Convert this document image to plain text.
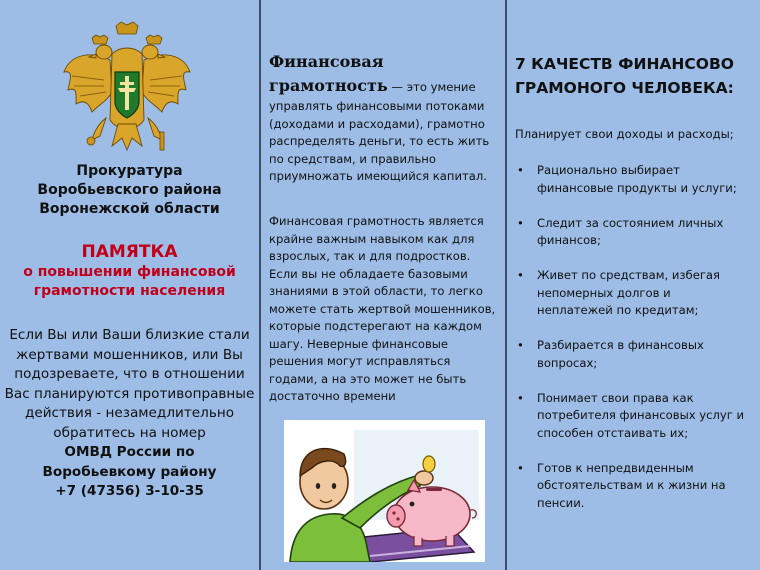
Прокуратура
Воробьевского района
Воронежской области
ПАМЯТКА
о повышении финансовой
грамотности населения
Если Вы или Ваши близкие стали
жертвами мошенников, или Вы
подозреваете, что в отношении
Вас планируются противоправные
действия - незамедлительно
обратитесь на номер
ОМВД России по
Воробьевкому району
+7 (47356) 3-10-35
Финансовая
грамотность — это умение
управлять финансовыми потоками
(доходами и расходами), грамотно
распределять деньги, то есть жить
по средствам, и правильно
приумножать имеющийся капитал.
Финансовая грамотность является
крайне важным навыком как для
взрослых, так и для подростков.
Если вы не обладаете базовыми
знаниями в этой области, то легко
можете стать жертвой мошенников,
которые подстерегают на каждом
шагу. Неверные финансовые
решения могут исправляться
годами, а на это может не быть
достаточно времени
7 КАЧЕСТВ ФИНАНСОВО
ГРАМОНОГО ЧЕЛОВЕКА:
Планирует свои доходы и расходы;
• Рационально выбирает
финансовые продукты и услуги;
• Следит за состоянием личных
финансов;
• Живет по средствам, избегая
непомерных долгов и
неплатежей по кредитам;
• Разбирается в финансовых
вопросах;
• Понимает свои права как
потребителя финансовых услуг и
способен отстаивать их;
• Готов к непредвиденным
обстоятельствам и к жизни на
пенсии.
